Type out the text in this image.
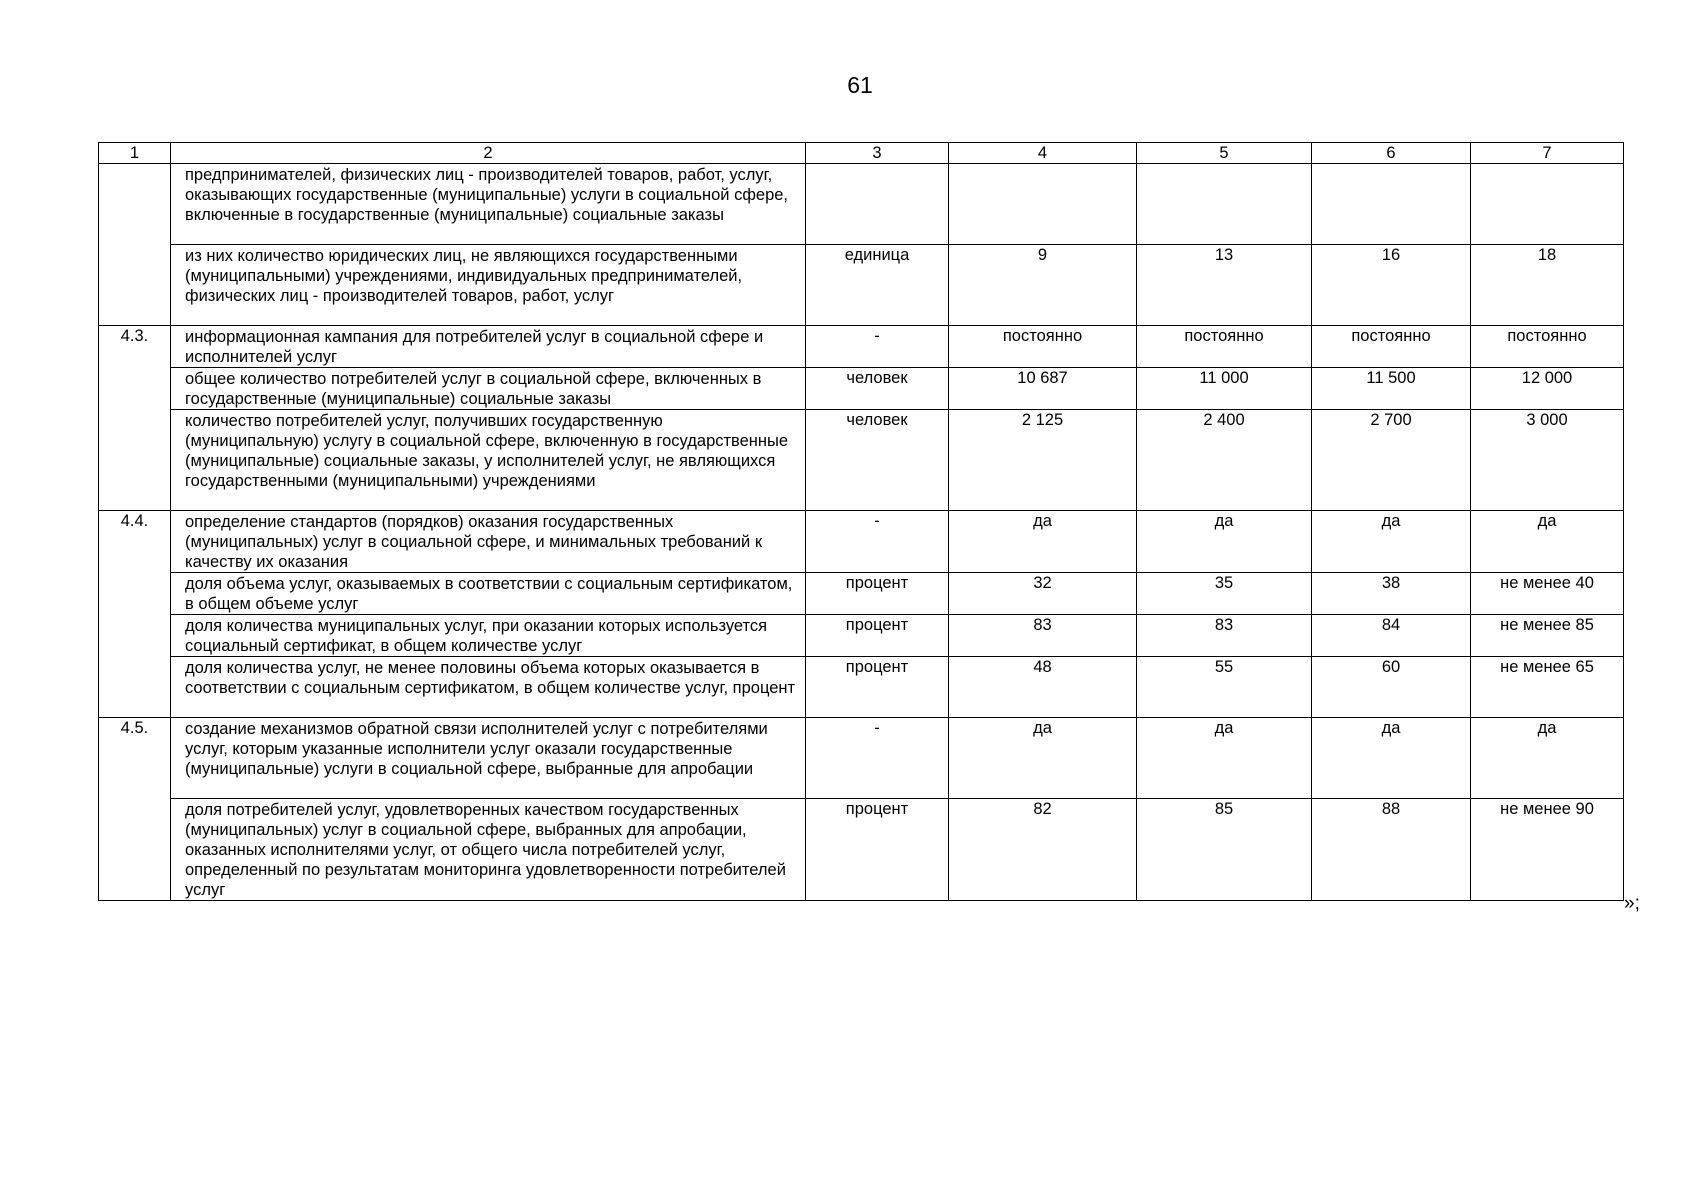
61
1	2	3	4	5	6	7
	предпринимателей, физических лиц - производителей товаров, работ, услуг, оказывающих государственные (муниципальные) услуги в социальной сфере, включенные в государственные (муниципальные) социальные заказы					
	из них количество юридических лиц, не являющихся государственными (муниципальными) учреждениями, индивидуальных предпринимателей, физических лиц - производителей товаров, работ, услуг	единица	9	13	16	18
4.3.	информационная кампания для потребителей услуг в социальной сфере и исполнителей услуг	-	постоянно	постоянно	постоянно	постоянно
	общее количество потребителей услуг в социальной сфере, включенных в государственные (муниципальные) социальные заказы	человек	10 687	11 000	11 500	12 000
	количество потребителей услуг, получивших государственную (муниципальную) услугу в социальной сфере, включенную в государственные (муниципальные) социальные заказы, у исполнителей услуг, не являющихся государственными (муниципальными) учреждениями	человек	2 125	2 400	2 700	3 000
4.4.	определение стандартов (порядков) оказания государственных (муниципальных) услуг в социальной сфере, и минимальных требований к качеству их оказания	-	да	да	да	да
	доля объема услуг, оказываемых в соответствии с социальным сертификатом, в общем объеме услуг	процент	32	35	38	не менее 40
	доля количества муниципальных услуг, при оказании которых используется социальный сертификат, в общем количестве услуг	процент	83	83	84	не менее 85
	доля количества услуг, не менее половины объема которых оказывается в соответствии с социальным сертификатом, в общем количестве услуг, процент	процент	48	55	60	не менее 65
4.5.	создание механизмов обратной связи исполнителей услуг с потребителями услуг, которым указанные исполнители услуг оказали государственные (муниципальные) услуги в социальной сфере, выбранные для апробации	-	да	да	да	да
	доля потребителей услуг, удовлетворенных качеством государственных (муниципальных) услуг в социальной сфере, выбранных для апробации, оказанных исполнителями услуг, от общего числа потребителей услуг, определенный по результатам мониторинга удовлетворенности потребителей услуг	процент	82	85	88	не менее 90
»;
